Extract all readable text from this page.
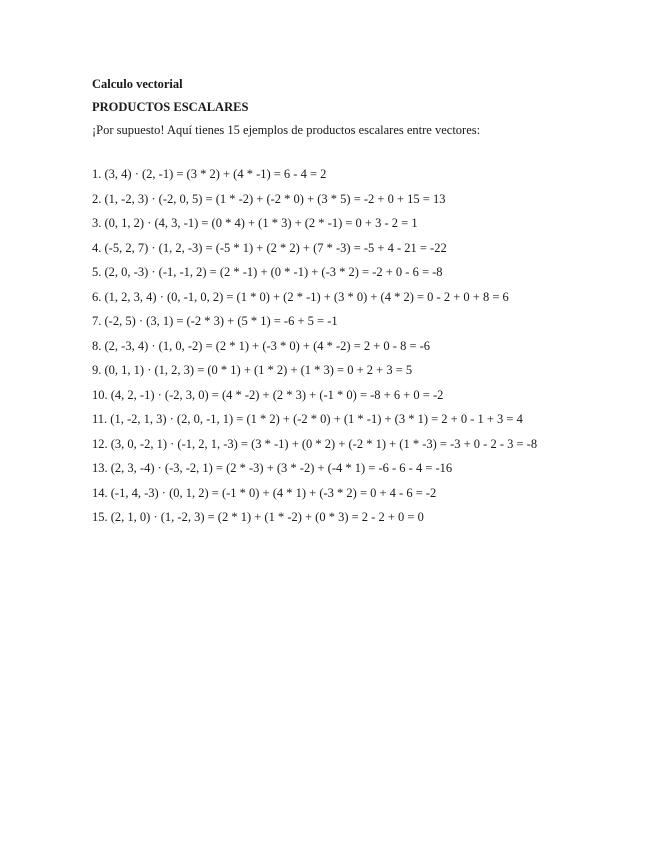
Calculo vectorial

PRODUCTOS ESCALARES

¡Por supuesto! Aquí tienes 15 ejemplos de productos escalares entre vectores:

1. (3, 4) · (2, -1) = (3 * 2) + (4 * -1) = 6 - 4 = 2
2. (1, -2, 3) · (-2, 0, 5) = (1 * -2) + (-2 * 0) + (3 * 5) = -2 + 0 + 15 = 13
3. (0, 1, 2) · (4, 3, -1) = (0 * 4) + (1 * 3) + (2 * -1) = 0 + 3 - 2 = 1
4. (-5, 2, 7) · (1, 2, -3) = (-5 * 1) + (2 * 2) + (7 * -3) = -5 + 4 - 21 = -22
5. (2, 0, -3) · (-1, -1, 2) = (2 * -1) + (0 * -1) + (-3 * 2) = -2 + 0 - 6 = -8
6. (1, 2, 3, 4) · (0, -1, 0, 2) = (1 * 0) + (2 * -1) + (3 * 0) + (4 * 2) = 0 - 2 + 0 + 8 = 6
7. (-2, 5) · (3, 1) = (-2 * 3) + (5 * 1) = -6 + 5 = -1
8. (2, -3, 4) · (1, 0, -2) = (2 * 1) + (-3 * 0) + (4 * -2) = 2 + 0 - 8 = -6
9. (0, 1, 1) · (1, 2, 3) = (0 * 1) + (1 * 2) + (1 * 3) = 0 + 2 + 3 = 5
10. (4, 2, -1) · (-2, 3, 0) = (4 * -2) + (2 * 3) + (-1 * 0) = -8 + 6 + 0 = -2
11. (1, -2, 1, 3) · (2, 0, -1, 1) = (1 * 2) + (-2 * 0) + (1 * -1) + (3 * 1) = 2 + 0 - 1 + 3 = 4
12. (3, 0, -2, 1) · (-1, 2, 1, -3) = (3 * -1) + (0 * 2) + (-2 * 1) + (1 * -3) = -3 + 0 - 2 - 3 = -8
13. (2, 3, -4) · (-3, -2, 1) = (2 * -3) + (3 * -2) + (-4 * 1) = -6 - 6 - 4 = -16
14. (-1, 4, -3) · (0, 1, 2) = (-1 * 0) + (4 * 1) + (-3 * 2) = 0 + 4 - 6 = -2
15. (2, 1, 0) · (1, -2, 3) = (2 * 1) + (1 * -2) + (0 * 3) = 2 - 2 + 0 = 0
